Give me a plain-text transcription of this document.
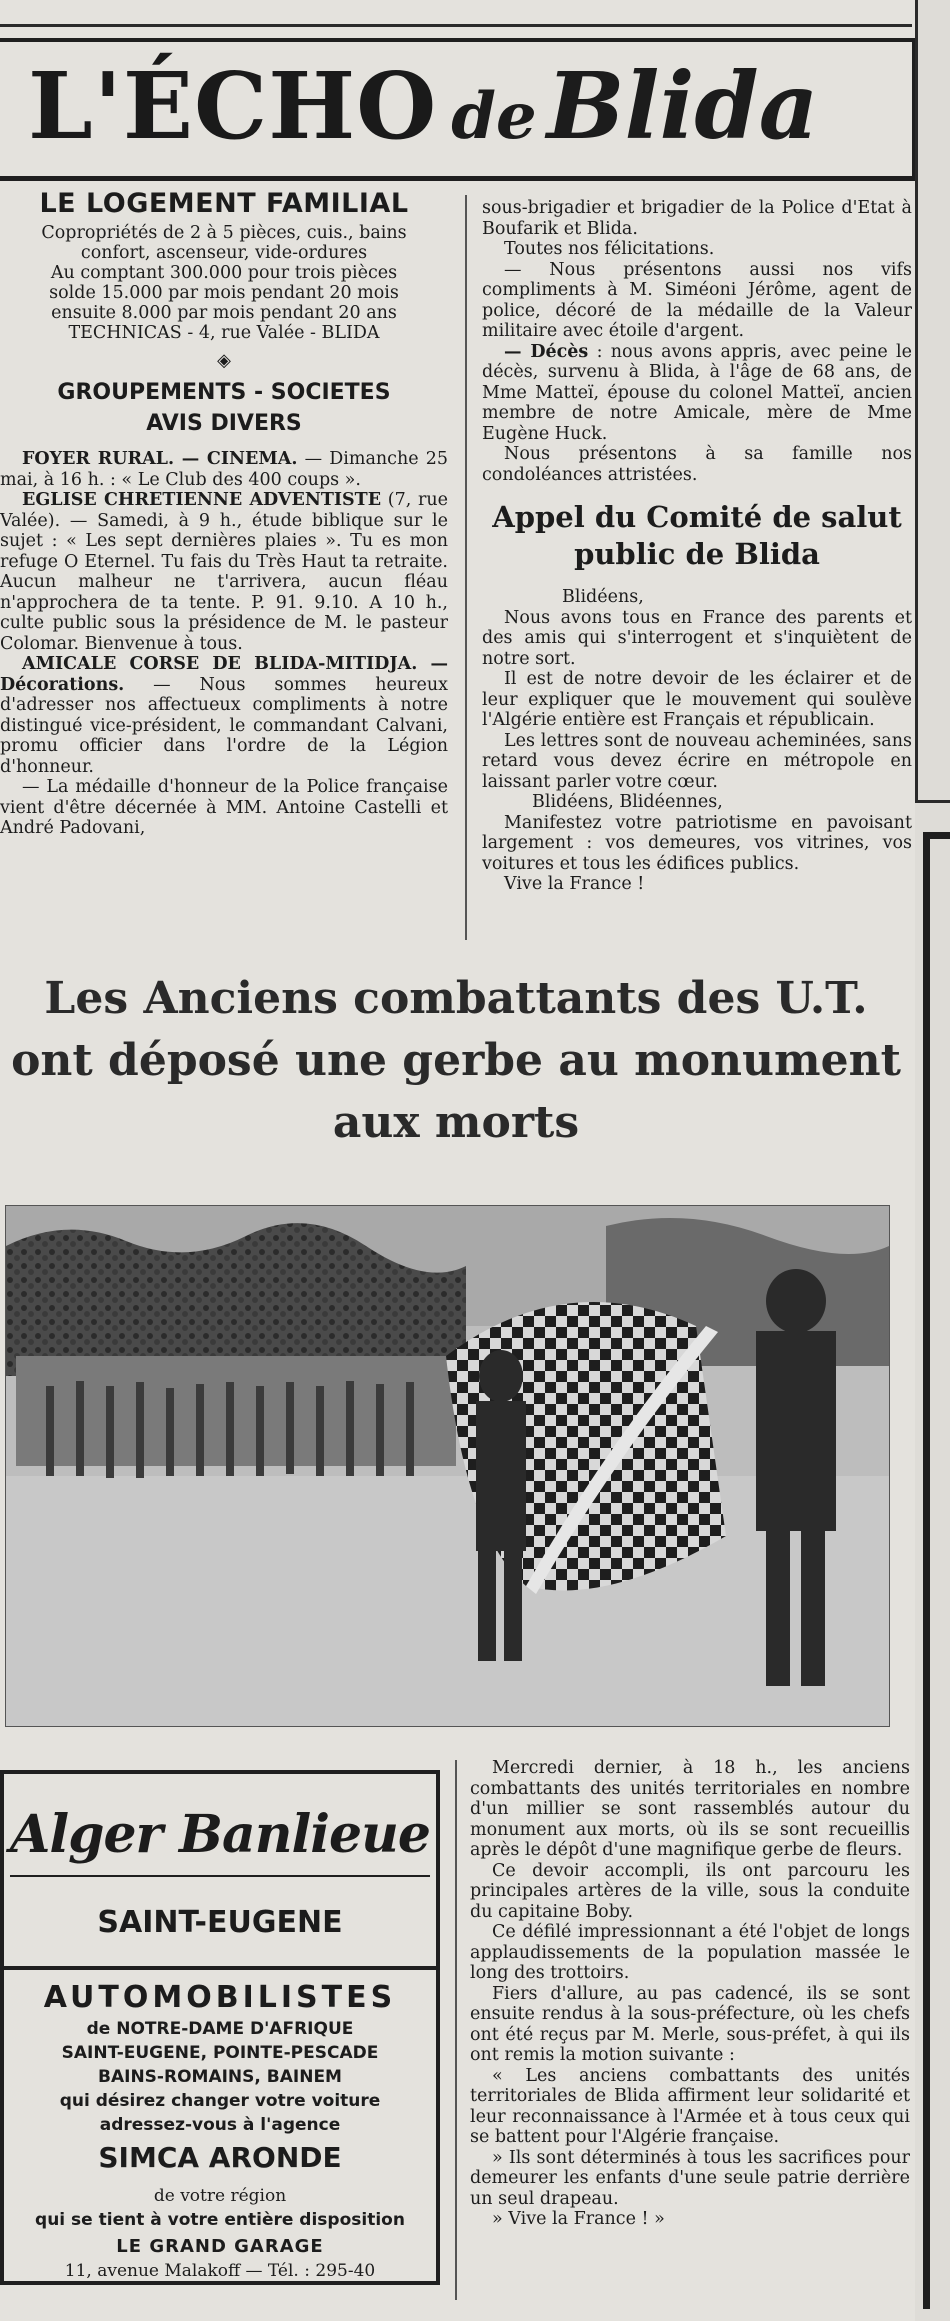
L'ÉCHO de Blida
LE LOGEMENT FAMILIAL
Copropriétés de 2 à 5 pièces, cuis., bains
confort, ascenseur, vide-ordures
Au comptant 300.000 pour trois pièces
solde 15.000 par mois pendant 20 mois
ensuite 8.000 par mois pendant 20 ans
TECHNICAS - 4, rue Valée - BLIDA
◈
GROUPEMENTS - SOCIETES
AVIS DIVERS

FOYER RURAL. — CINEMA. — Dimanche 25 mai, à 16 h. : « Le Club des 400 coups ».

EGLISE CHRETIENNE ADVENTISTE (7, rue Valée). — Samedi, à 9 h., étude biblique sur le sujet : « Les sept dernières plaies ». Tu es mon refuge O Eternel. Tu fais du Très Haut ta retraite. Aucun malheur ne t'arrivera, aucun fléau n'approchera de ta tente. P. 91. 9.10. A 10 h., culte public sous la présidence de M. le pasteur Colomar. Bienvenue à tous.

AMICALE CORSE DE BLIDA-MITIDJA. — Décorations. — Nous sommes heureux d'adresser nos affectueux compliments à notre distingué vice-président, le commandant Calvani, promu officier dans l'ordre de la Légion d'honneur.

— La médaille d'honneur de la Police française vient d'être décernée à MM. Antoine Castelli et André Padovani,

sous-brigadier et brigadier de la Police d'Etat à Boufarik et Blida.

Toutes nos félicitations.

— Nous présentons aussi nos vifs compliments à M. Siméoni Jérôme, agent de police, décoré de la médaille de la Valeur militaire avec étoile d'argent.

— Décès : nous avons appris, avec peine le décès, survenu à Blida, à l'âge de 68 ans, de Mme Matteï, épouse du colonel Matteï, ancien membre de notre Amicale, mère de Mme Eugène Huck.

Nous présentons à sa famille nos condoléances attristées.

Appel du Comité de salut
public de Blida

Blidéens,

Nous avons tous en France des parents et des amis qui s'interrogent et s'inquiètent de notre sort.

Il est de notre devoir de les éclairer et de leur expliquer que le mouvement qui soulève l'Algérie entière est Français et républicain.

Les lettres sont de nouveau acheminées, sans retard vous devez écrire en métropole en laissant parler votre cœur.

Blidéens, Blidéennes,

Manifestez votre patriotisme en pavoisant largement : vos demeures, vos vitrines, vos voitures et tous les édifices publics.

Vive la France !

Les Anciens combattants des U.T.
ont déposé une gerbe au monument
aux morts
Alger Banlieue
SAINT-EUGENE
AUTOMOBILISTES
de NOTRE-DAME D'AFRIQUE
SAINT-EUGENE, POINTE-PESCADE
BAINS-ROMAINS, BAINEM
qui désirez changer votre voiture
adressez-vous à l'agence
SIMCA ARONDE
de votre région
qui se tient à votre entière disposition
LE GRAND GARAGE
11, avenue Malakoff — Tél. : 295-40

Mercredi dernier, à 18 h., les anciens combattants des unités territoriales en nombre d'un millier se sont rassemblés autour du monument aux morts, où ils se sont recueillis après le dépôt d'une magnifique gerbe de fleurs.

Ce devoir accompli, ils ont parcouru les principales artères de la ville, sous la conduite du capitaine Boby.

Ce défilé impressionnant a été l'objet de longs applaudissements de la population massée le long des trottoirs.

Fiers d'allure, au pas cadencé, ils se sont ensuite rendus à la sous-préfecture, où les chefs ont été reçus par M. Merle, sous-préfet, à qui ils ont remis la motion suivante :

« Les anciens combattants des unités territoriales de Blida affirment leur solidarité et leur reconnaissance à l'Armée et à tous ceux qui se battent pour l'Algérie française.

» Ils sont déterminés à tous les sacrifices pour demeurer les enfants d'une seule patrie derrière un seul drapeau.

» Vive la France ! »
